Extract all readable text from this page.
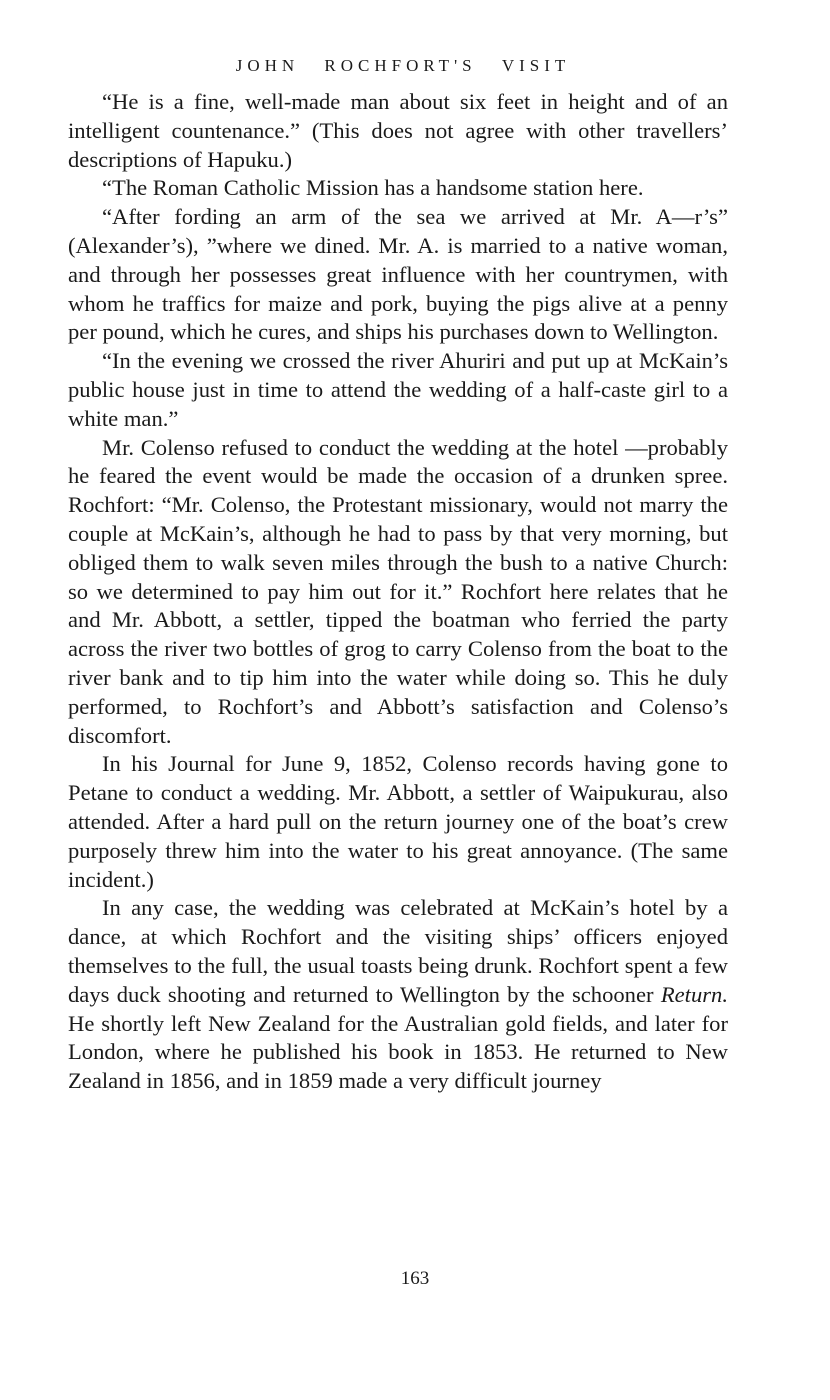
JOHN ROCHFORT'S VISIT

“He is a fine, well-made man about six feet in height and of an intelligent countenance.” (This does not agree with other travellers’ descriptions of Hapuku.)

“The Roman Catholic Mission has a handsome station here.

“After fording an arm of the sea we arrived at Mr. A—r’s” (Alexander’s), ”where we dined. Mr. A. is married to a native woman, and through her possesses great influence with her countrymen, with whom he traffics for maize and pork, buying the pigs alive at a penny per pound, which he cures, and ships his purchases down to Wellington.

“In the evening we crossed the river Ahuriri and put up at McKain’s public house just in time to attend the wedding of a half-caste girl to a white man.”

Mr. Colenso refused to conduct the wedding at the hotel —probably he feared the event would be made the occasion of a drunken spree. Rochfort: “Mr. Colenso, the Protestant missionary, would not marry the couple at McKain’s, although he had to pass by that very morning, but obliged them to walk seven miles through the bush to a native Church: so we determined to pay him out for it.” Rochfort here relates that he and Mr. Abbott, a settler, tipped the boatman who ferried the party across the river two bottles of grog to carry Colenso from the boat to the river bank and to tip him into the water while doing so. This he duly performed, to Rochfort’s and Abbott’s satisfaction and Colenso’s discomfort.

In his Journal for June 9, 1852, Colenso records having gone to Petane to conduct a wedding. Mr. Abbott, a settler of Waipukurau, also attended. After a hard pull on the return journey one of the boat’s crew purposely threw him into the water to his great annoyance. (The same incident.)

In any case, the wedding was celebrated at McKain’s hotel by a dance, at which Rochfort and the visiting ships’ officers enjoyed themselves to the full, the usual toasts being drunk. Rochfort spent a few days duck shooting and returned to Wellington by the schooner Return. He shortly left New Zealand for the Australian gold fields, and later for London, where he published his book in 1853. He returned to New Zealand in 1856, and in 1859 made a very difficult journey

163
